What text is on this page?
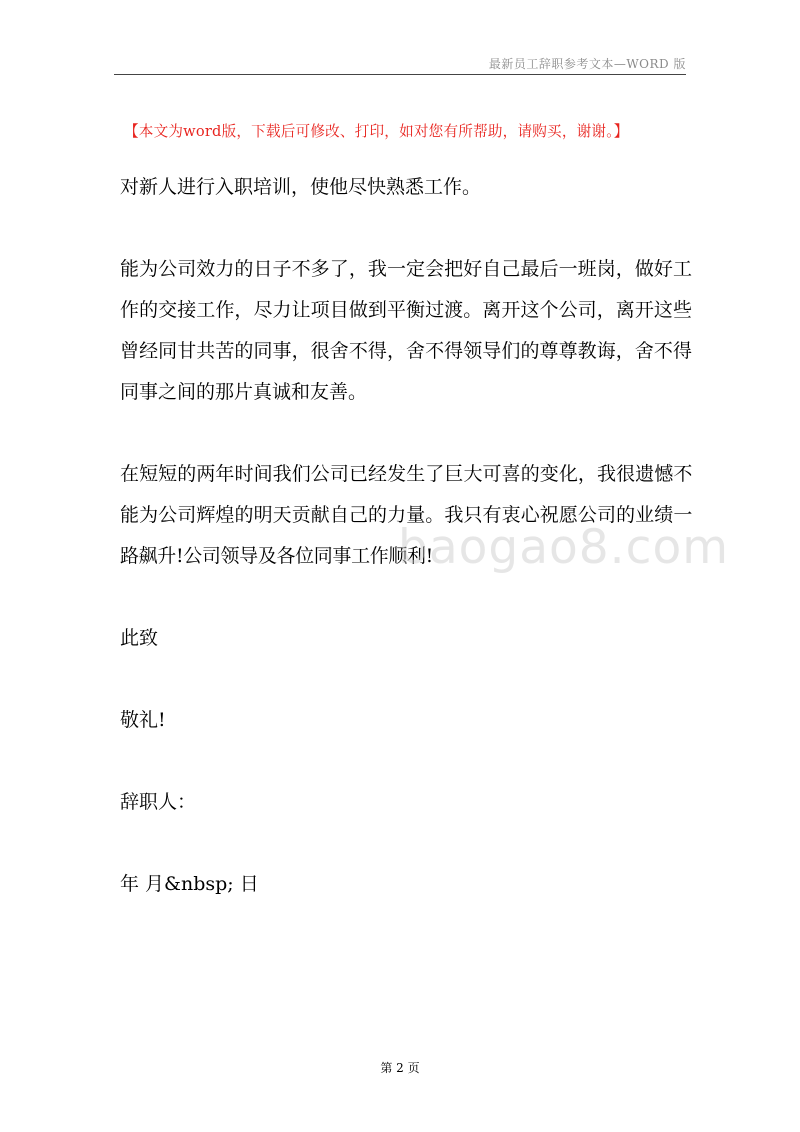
最新员工辞职参考文本—WORD 版
【本文为word版，下载后可修改、打印，如对您有所帮助，请购买，谢谢。】

对新人进行入职培训，使他尽快熟悉工作。

能为公司效力的日子不多了，我一定会把好自己最后一班岗，做好工作的交接工作，尽力让项目做到平衡过渡。离开这个公司，离开这些曾经同甘共苦的同事，很舍不得，舍不得领导们的尊尊教诲，舍不得同事之间的那片真诚和友善。

在短短的两年时间我们公司已经发生了巨大可喜的变化，我很遗憾不能为公司辉煌的明天贡献自己的力量。我只有衷心祝愿公司的业绩一路飙升!公司领导及各位同事工作顺利!

此致

敬礼!

辞职人：

年 月&nbsp; 日

baogao8.com
第 2 页
